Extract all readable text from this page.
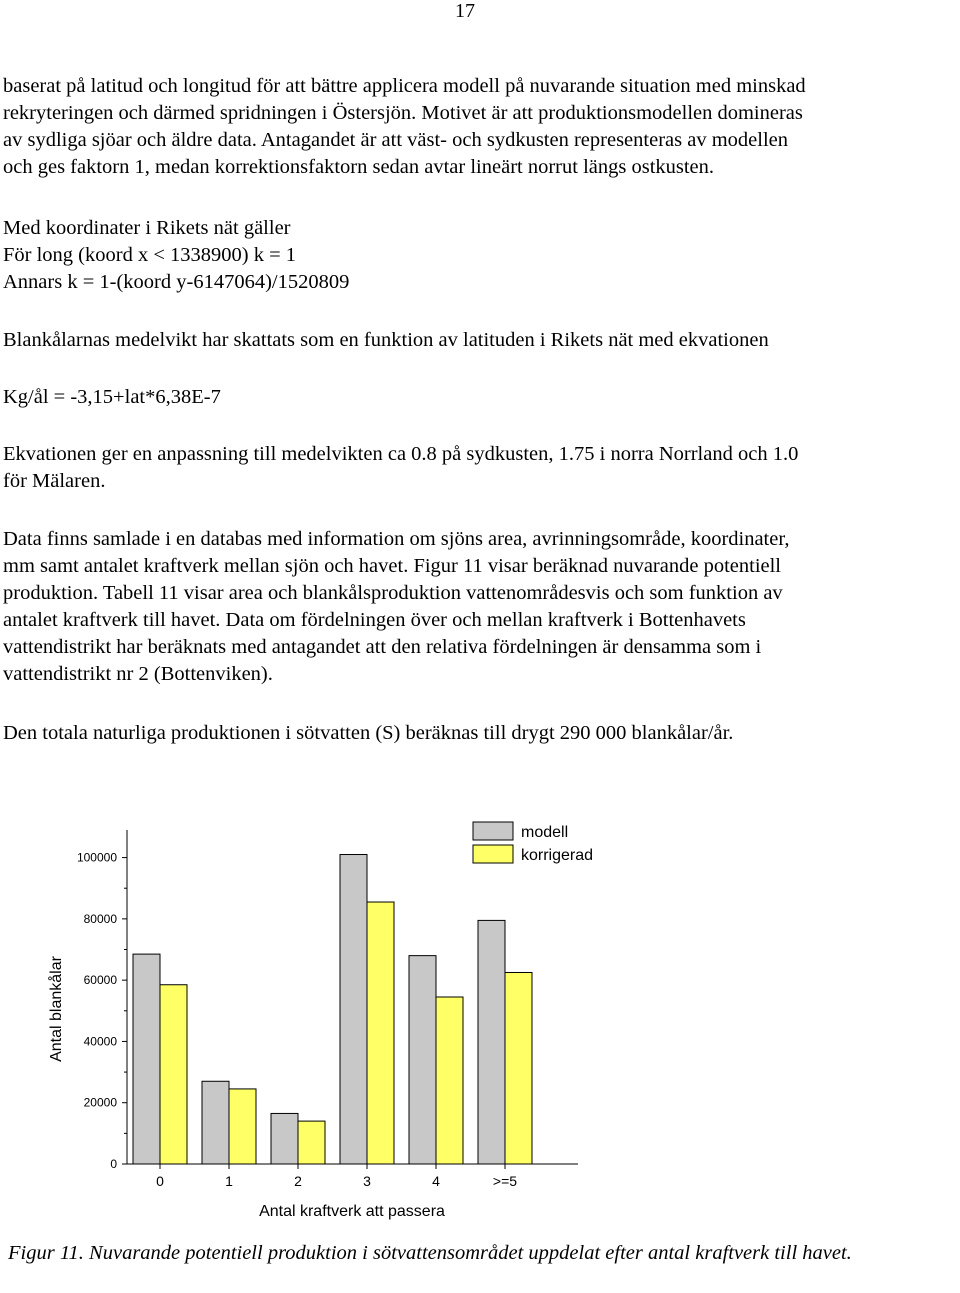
17

baserat på latitud och longitud för att bättre applicera modell på nuvarande situation med minskad

rekryteringen och därmed spridningen i Östersjön. Motivet är att produktionsmodellen domineras

av sydliga sjöar och äldre data. Antagandet är att väst- och sydkusten representeras av modellen

och ges faktorn 1, medan korrektionsfaktorn sedan avtar lineärt norrut längs ostkusten.

Med koordinater i Rikets nät gäller

För long (koord x < 1338900) k = 1

Annars k = 1-(koord y-6147064)/1520809

Blankålarnas medelvikt har skattats som en funktion av latituden i Rikets nät med ekvationen

Kg/ål = -3,15+lat*6,38E-7

Ekvationen ger en anpassning till medelvikten ca 0.8 på sydkusten, 1.75 i norra Norrland och 1.0

för Mälaren.

Data finns samlade i en databas med information om sjöns area, avrinningsområde, koordinater,

mm samt antalet kraftverk mellan sjön och havet. Figur 11 visar beräknad nuvarande potentiell

produktion. Tabell 11 visar area och blankålsproduktion vattenområdesvis och som funktion av

antalet kraftverk till havet. Data om fördelningen över och mellan kraftverk i Bottenhavets

vattendistrikt har beräknats med antagandet att den relativa fördelningen är densamma som i

vattendistrikt nr 2 (Bottenviken).

Den totala naturliga produktionen i sötvatten (S) beräknas till drygt 290 000 blankålar/år.

0
20000
40000
60000
80000
100000
0	1	2	3	4	>=5
Antal kraftverk att passera
Antal blankålar
modell
korrigerad
Figur 11. Nuvarande potentiell produktion i sötvattensområdet uppdelat efter antal kraftverk till havet.
